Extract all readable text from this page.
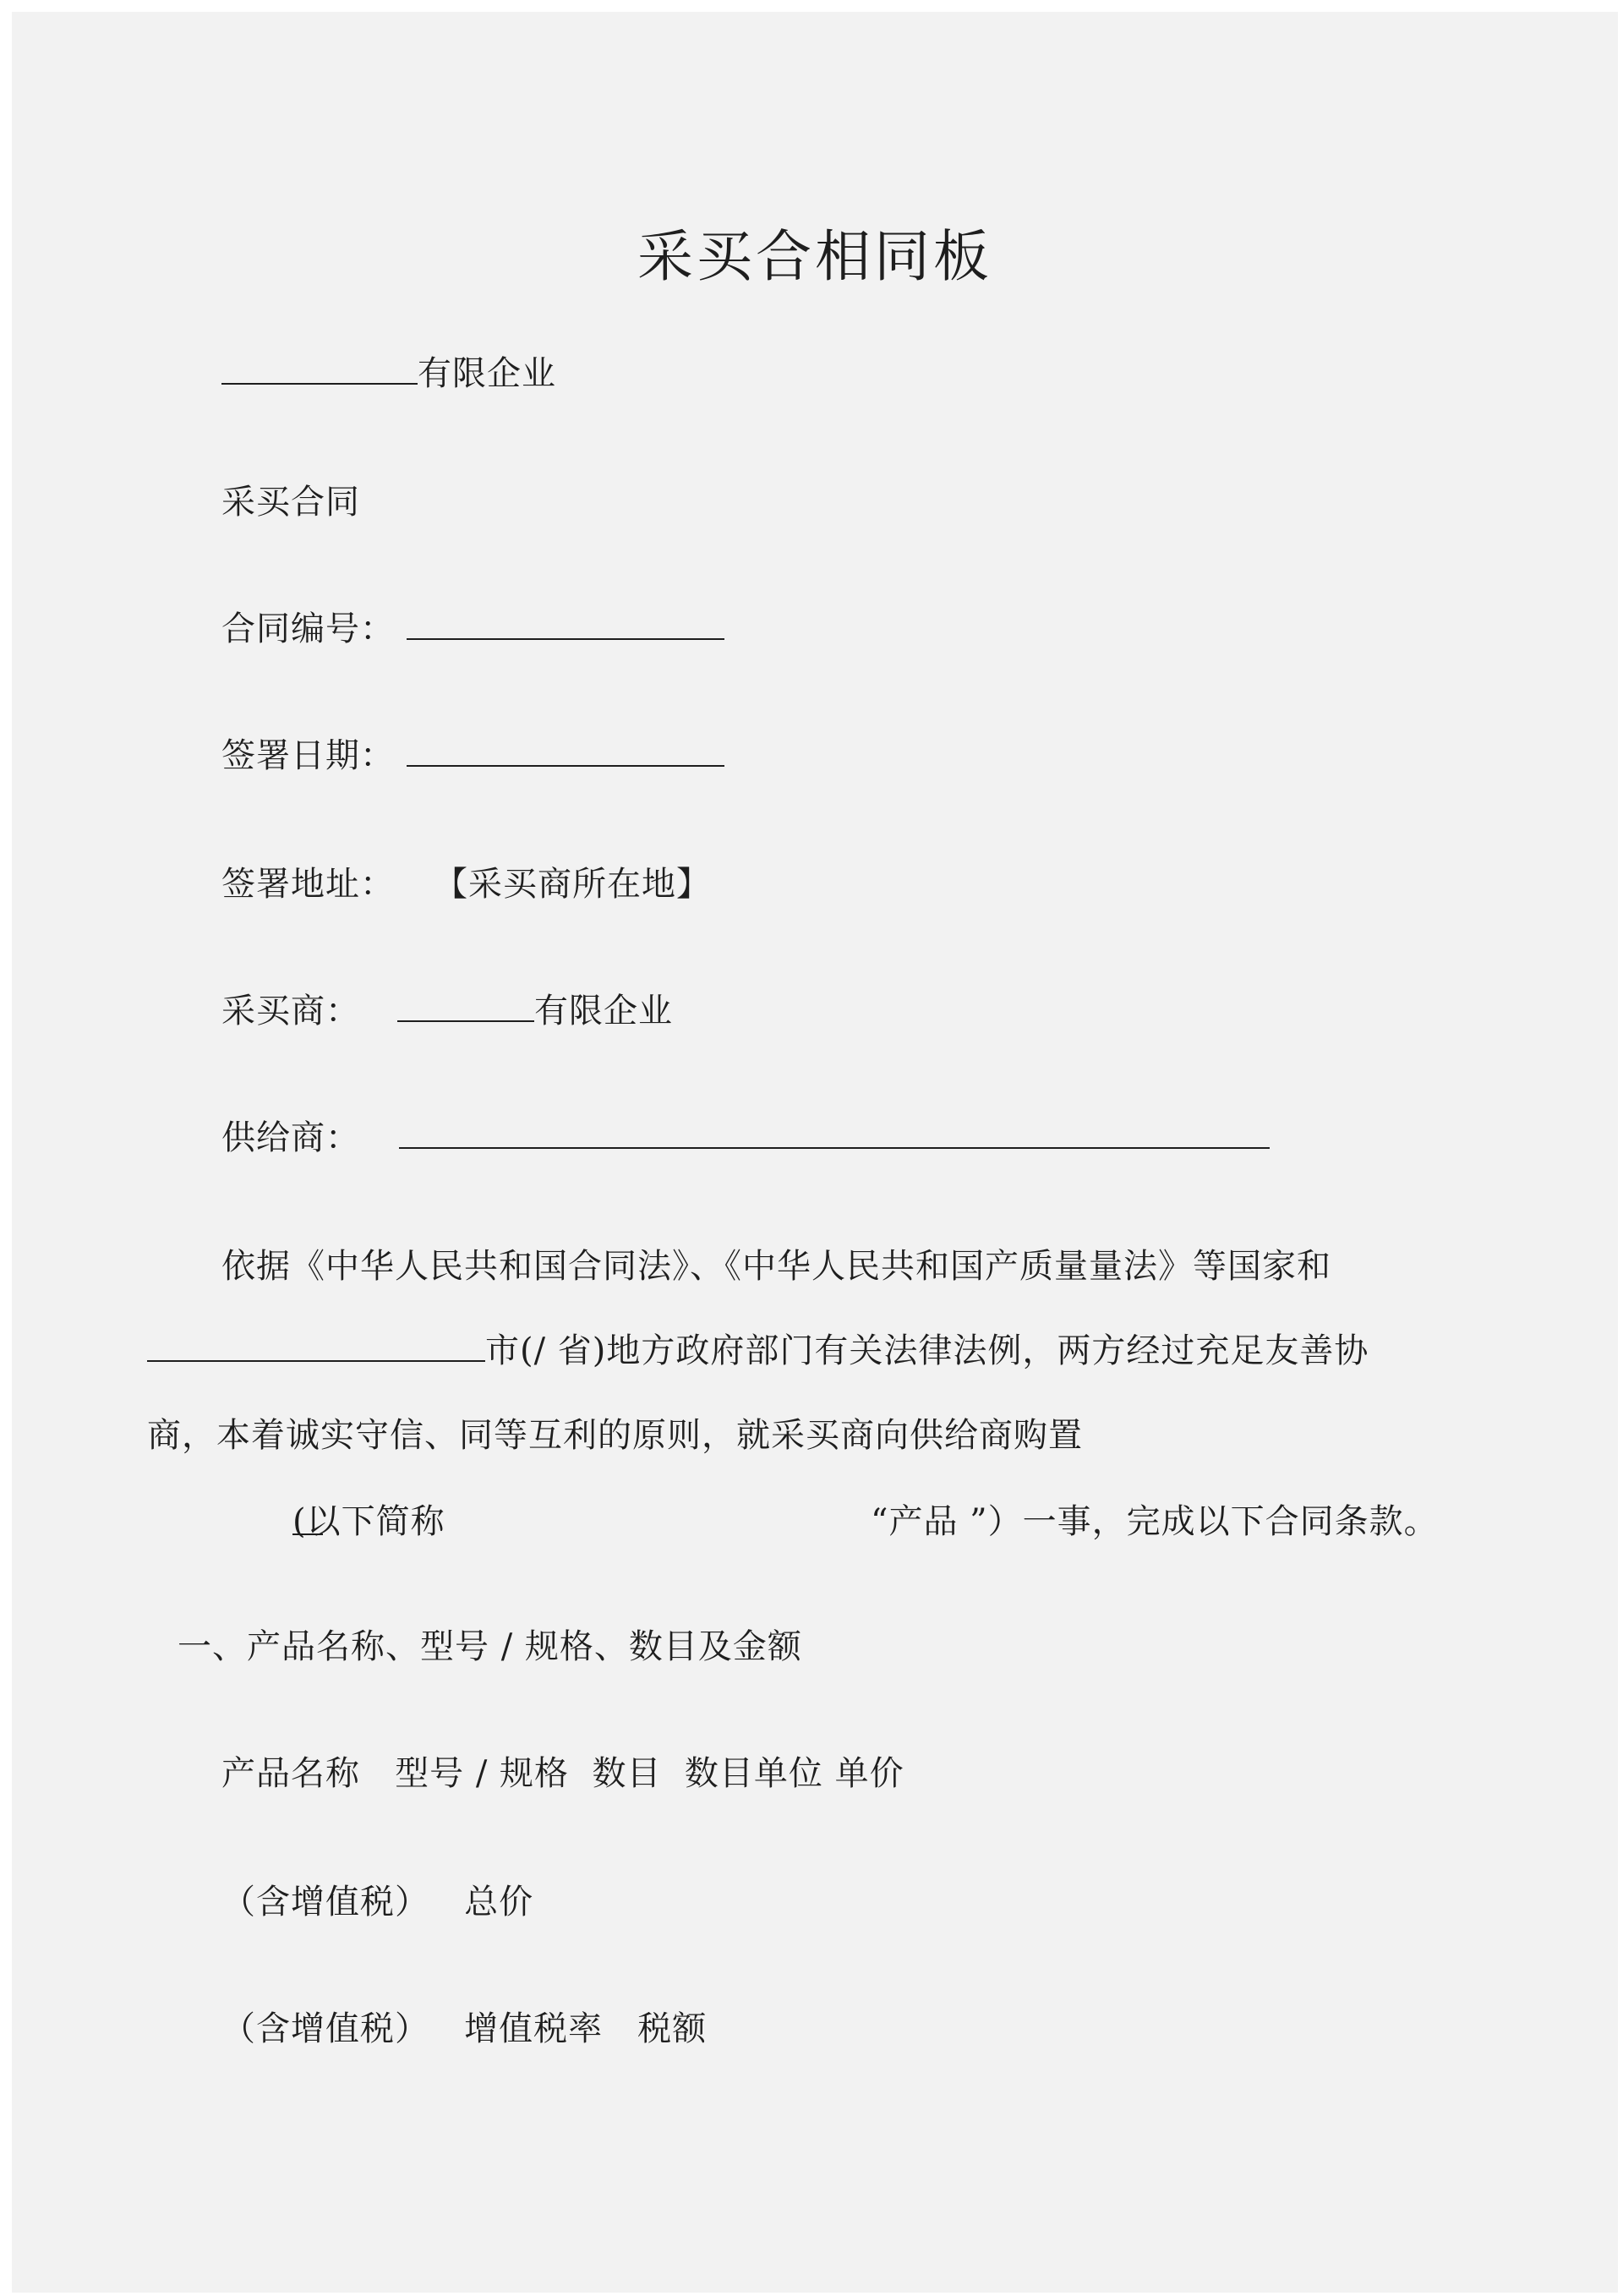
采买合相同板
有限企业
采买合同
合同编号：
签署日期：
签署地址： 【采买商所在地】
采买商：	有限企业
供给商：
依据《中华人民共和国合同法》、《中华人民共和国产质量量法》等国家和
市(/ 省)地方政府部门有关法律法例，两方经过充足友善协
商，本着诚实守信、同等互利的原则，就采买商向供给商购置
(以下简称	“产品 ”）一事，完成以下合同条款。
一、产品名称、型号 / 规格、数目及金额
产品名称   型号 / 规格  数目  数目单位 单价
（含增值税）   总价
（含增值税）   增值税率   税额
